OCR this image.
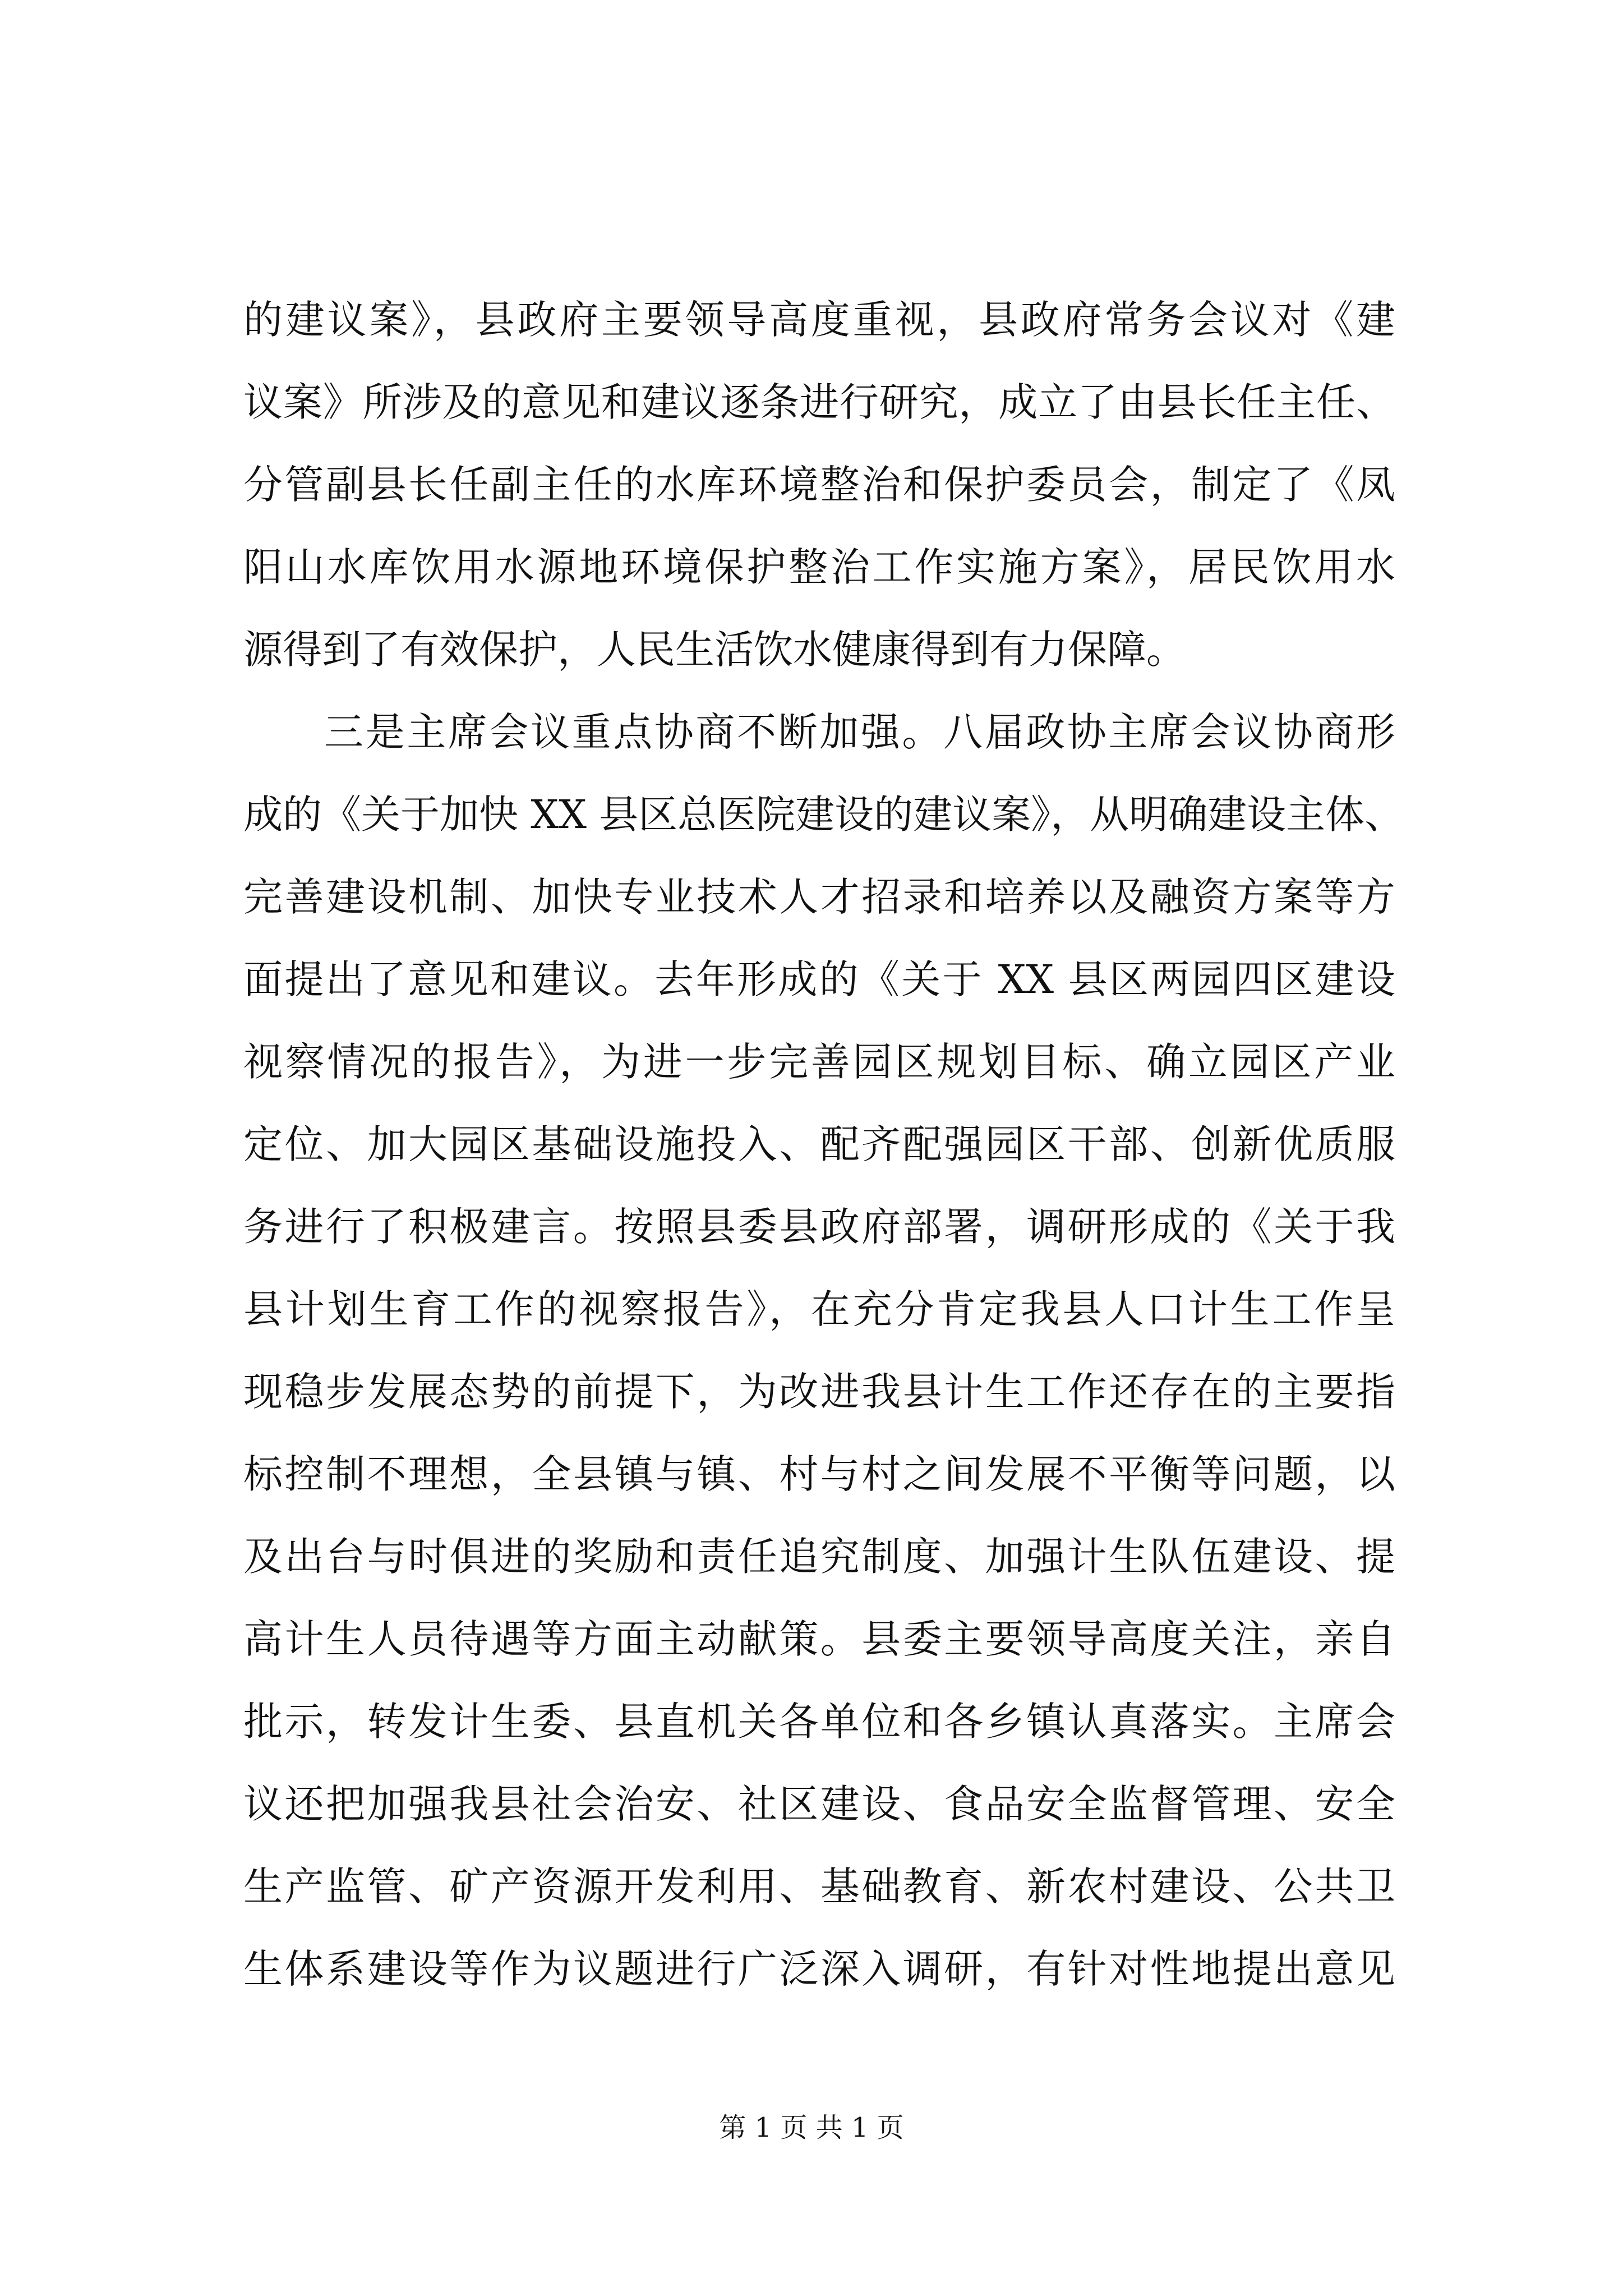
的建议案》，县政府主要领导高度重视，县政府常务会议对《建
议案》所涉及的意见和建议逐条进行研究，成立了由县长任主任、
分管副县长任副主任的水库环境整治和保护委员会，制定了《凤
阳山水库饮用水源地环境保护整治工作实施方案》，居民饮用水
源得到了有效保护，人民生活饮水健康得到有力保障。
三是主席会议重点协商不断加强。八届政协主席会议协商形
成的《关于加快 XX 县区总医院建设的建议案》，从明确建设主体、
完善建设机制、加快专业技术人才招录和培养以及融资方案等方
面提出了意见和建议。去年形成的《关于 XX 县区两园四区建设
视察情况的报告》，为进一步完善园区规划目标、确立园区产业
定位、加大园区基础设施投入、配齐配强园区干部、创新优质服
务进行了积极建言。按照县委县政府部署，调研形成的《关于我
县计划生育工作的视察报告》，在充分肯定我县人口计生工作呈
现稳步发展态势的前提下，为改进我县计生工作还存在的主要指
标控制不理想，全县镇与镇、村与村之间发展不平衡等问题，以
及出台与时俱进的奖励和责任追究制度、加强计生队伍建设、提
高计生人员待遇等方面主动献策。县委主要领导高度关注，亲自
批示，转发计生委、县直机关各单位和各乡镇认真落实。主席会
议还把加强我县社会治安、社区建设、食品安全监督管理、安全
生产监管、矿产资源开发利用、基础教育、新农村建设、公共卫
生体系建设等作为议题进行广泛深入调研，有针对性地提出意见
第 1 页 共 1 页
